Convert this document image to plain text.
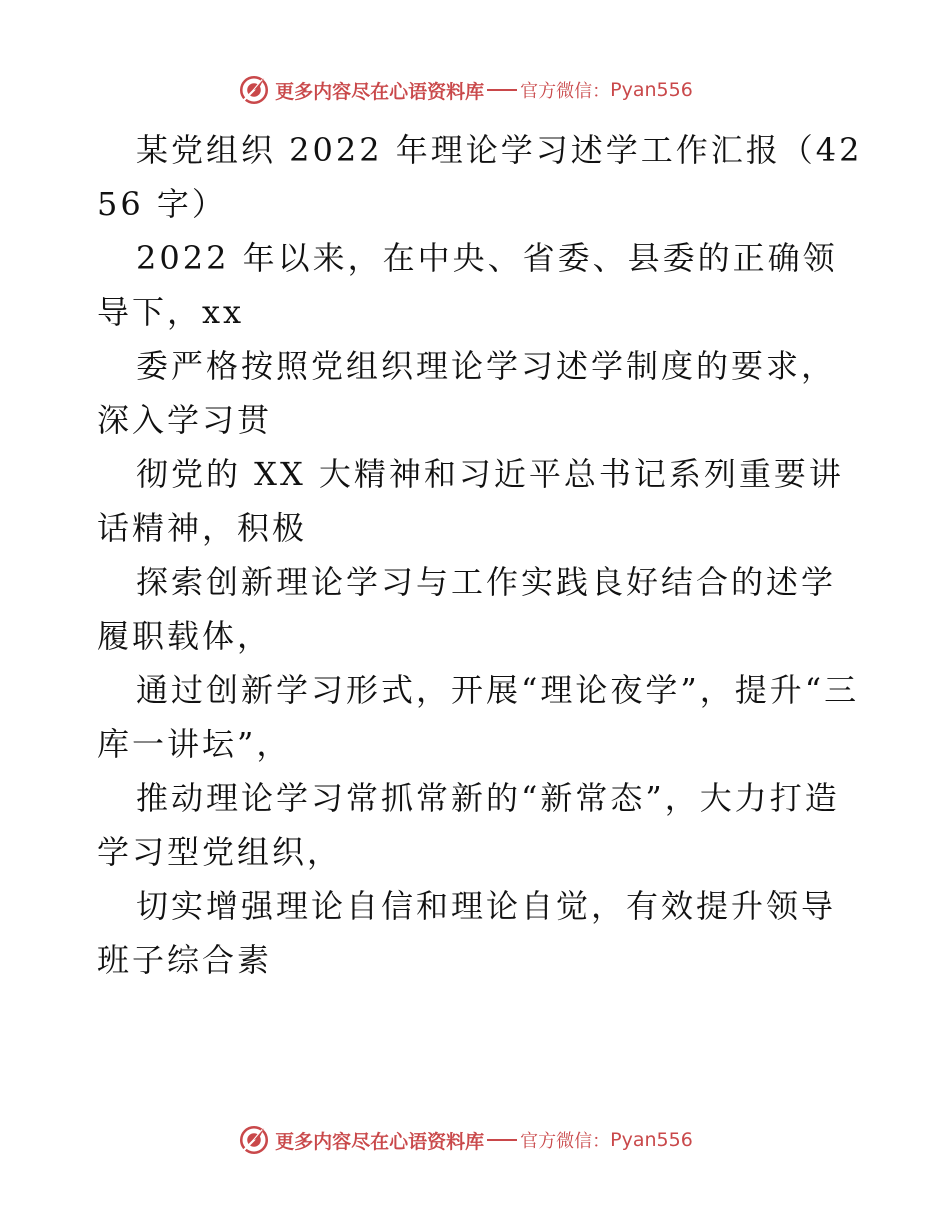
更多内容尽在心语资料库 官方微信： Pyan556

某党组织 2022 年理论学习述学工作汇报（4256 字）

2022 年以来，在中央、省委、县委的正确领导下，xx

委严格按照党组织理论学习述学制度的要求，深入学习贯

彻党的 XX 大精神和习近平总书记系列重要讲话精神，积极

探索创新理论学习与工作实践良好结合的述学履职载体，

通过创新学习形式，开展“理论夜学”，提升“三库一讲坛”，

推动理论学习常抓常新的“新常态”，大力打造学习型党组织，

切实增强理论自信和理论自觉，有效提升领导班子综合素

更多内容尽在心语资料库 官方微信： Pyan556
